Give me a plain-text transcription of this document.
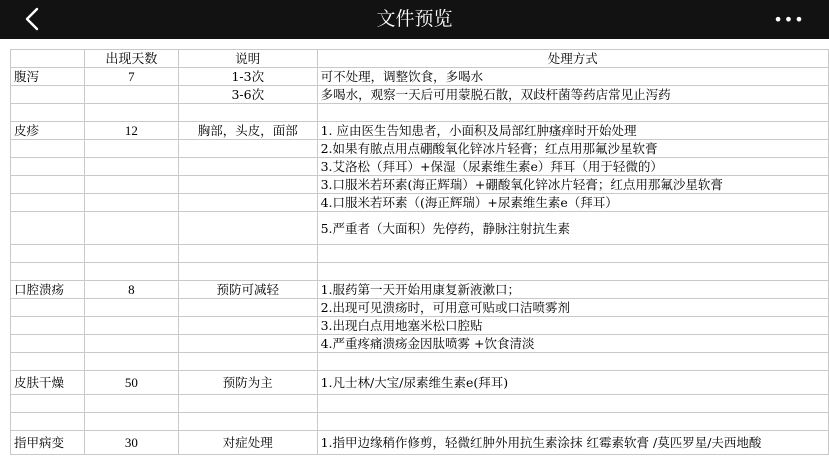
文件预览	•••
	出现天数	说明	处理方式
腹泻	7	1-3次	可不处理，调整饮食，多喝水
		3-6次	多喝水，观察一天后可用蒙脱石散，双歧杆菌等药店常见止泻药

皮疹	12	胸部，头皮，面部	1. 应由医生告知患者，小面积及局部红肿瘙痒时开始处理
			2.如果有脓点用点硼酸氧化锌冰片轻膏；红点用那氟沙星软膏
			3.艾洛松（拜耳）+保湿（尿素维生素e）拜耳（用于轻微的）
			3.口服米若环素(海正辉瑞）+硼酸氧化锌冰片轻膏；红点用那氟沙星软膏
			4.口服米若环素（(海正辉瑞）+尿素维生素e（拜耳）
			5.严重者（大面积）先停药，静脉注射抗生素

口腔溃疡	8	预防可减轻	1.服药第一天开始用康复新液漱口；
			2.出现可见溃疡时，可用意可贴或口洁喷雾剂
			3.出现白点用地塞米松口腔贴
			4.严重疼痛溃疡金因肽喷雾 +饮食清淡

皮肤干燥	50	预防为主	1.凡士林/大宝/尿素维生素e(拜耳)

指甲病变	30	对症处理	1.指甲边缘稍作修剪，轻微红肿外用抗生素涂抹 红霉素软膏 /莫匹罗星/夫西地酸
